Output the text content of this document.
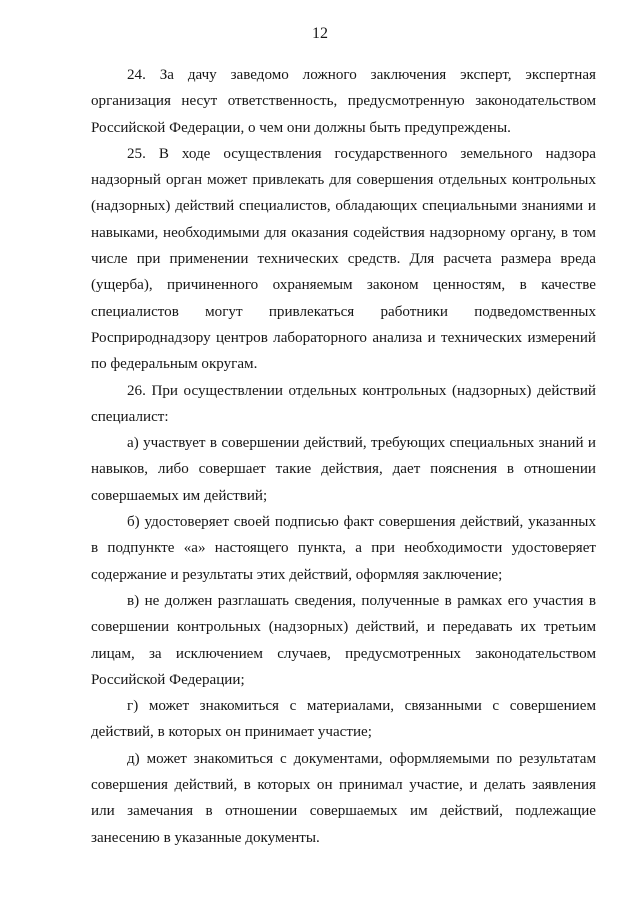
12

24. За дачу заведомо ложного заключения эксперт, экспертная организация несут ответственность, предусмотренную законодательством Российской Федерации, о чем они должны быть предупреждены.

25. В ходе осуществления государственного земельного надзора надзорный орган может привлекать для совершения отдельных контрольных (надзорных) действий специалистов, обладающих специальными знаниями и навыками, необходимыми для оказания содействия надзорному органу, в том числе при применении технических средств. Для расчета размера вреда (ущерба), причиненного охраняемым законом ценностям, в качестве специалистов могут привлекаться работники подведомственных Росприроднадзору центров лабораторного анализа и технических измерений по федеральным округам.

26. При осуществлении отдельных контрольных (надзорных) действий специалист:

а) участвует в совершении действий, требующих специальных знаний и навыков, либо совершает такие действия, дает пояснения в отношении совершаемых им действий;

б) удостоверяет своей подписью факт совершения действий, указанных в подпункте «а» настоящего пункта, а при необходимости удостоверяет содержание и результаты этих действий, оформляя заключение;

в) не должен разглашать сведения, полученные в рамках его участия в совершении контрольных (надзорных) действий, и передавать их третьим лицам, за исключением случаев, предусмотренных законодательством Российской Федерации;

г) может знакомиться с материалами, связанными с совершением действий, в которых он принимает участие;

д) может знакомиться с документами, оформляемыми по результатам совершения действий, в которых он принимал участие, и делать заявления или замечания в отношении совершаемых им действий, подлежащие занесению в указанные документы.
